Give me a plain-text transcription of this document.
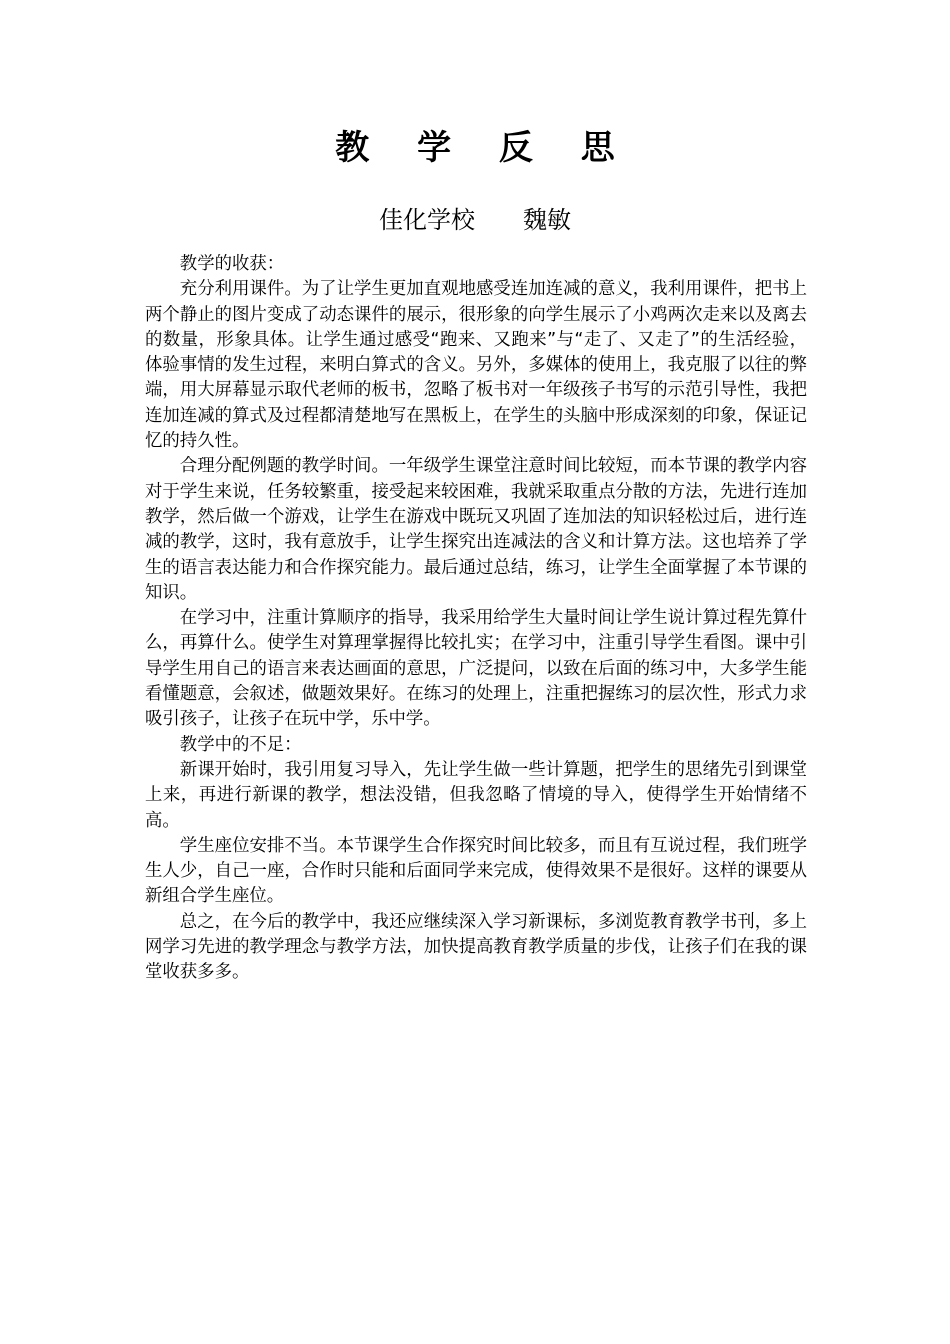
教 学 反 思
佳化学校 魏敏

教学的收获：

充分利用课件。为了让学生更加直观地感受连加连减的意义，我利用课件，把书上两个静止的图片变成了动态课件的展示，很形象的向学生展示了小鸡两次走来以及离去的数量，形象具体。让学生通过感受“跑来、又跑来”与“走了、又走了”的生活经验，体验事情的发生过程，来明白算式的含义。另外，多媒体的使用上，我克服了以往的弊端，用大屏幕显示取代老师的板书，忽略了板书对一年级孩子书写的示范引导性，我把连加连减的算式及过程都清楚地写在黑板上，在学生的头脑中形成深刻的印象，保证记忆的持久性。

合理分配例题的教学时间。一年级学生课堂注意时间比较短，而本节课的教学内容对于学生来说，任务较繁重，接受起来较困难，我就采取重点分散的方法，先进行连加教学，然后做一个游戏，让学生在游戏中既玩又巩固了连加法的知识轻松过后，进行连减的教学，这时，我有意放手，让学生探究出连减法的含义和计算方法。这也培养了学生的语言表达能力和合作探究能力。最后通过总结，练习，让学生全面掌握了本节课的知识。

在学习中，注重计算顺序的指导，我采用给学生大量时间让学生说计算过程先算什么，再算什么。使学生对算理掌握得比较扎实；在学习中，注重引导学生看图。课中引导学生用自己的语言来表达画面的意思，广泛提问，以致在后面的练习中，大多学生能看懂题意，会叙述，做题效果好。在练习的处理上，注重把握练习的层次性，形式力求吸引孩子，让孩子在玩中学，乐中学。

教学中的不足：

新课开始时，我引用复习导入，先让学生做一些计算题，把学生的思绪先引到课堂上来，再进行新课的教学，想法没错，但我忽略了情境的导入，使得学生开始情绪不高。

学生座位安排不当。本节课学生合作探究时间比较多，而且有互说过程，我们班学生人少，自己一座，合作时只能和后面同学来完成，使得效果不是很好。这样的课要从新组合学生座位。

总之，在今后的教学中，我还应继续深入学习新课标，多浏览教育教学书刊，多上网学习先进的教学理念与教学方法，加快提高教育教学质量的步伐，让孩子们在我的课堂收获多多。
